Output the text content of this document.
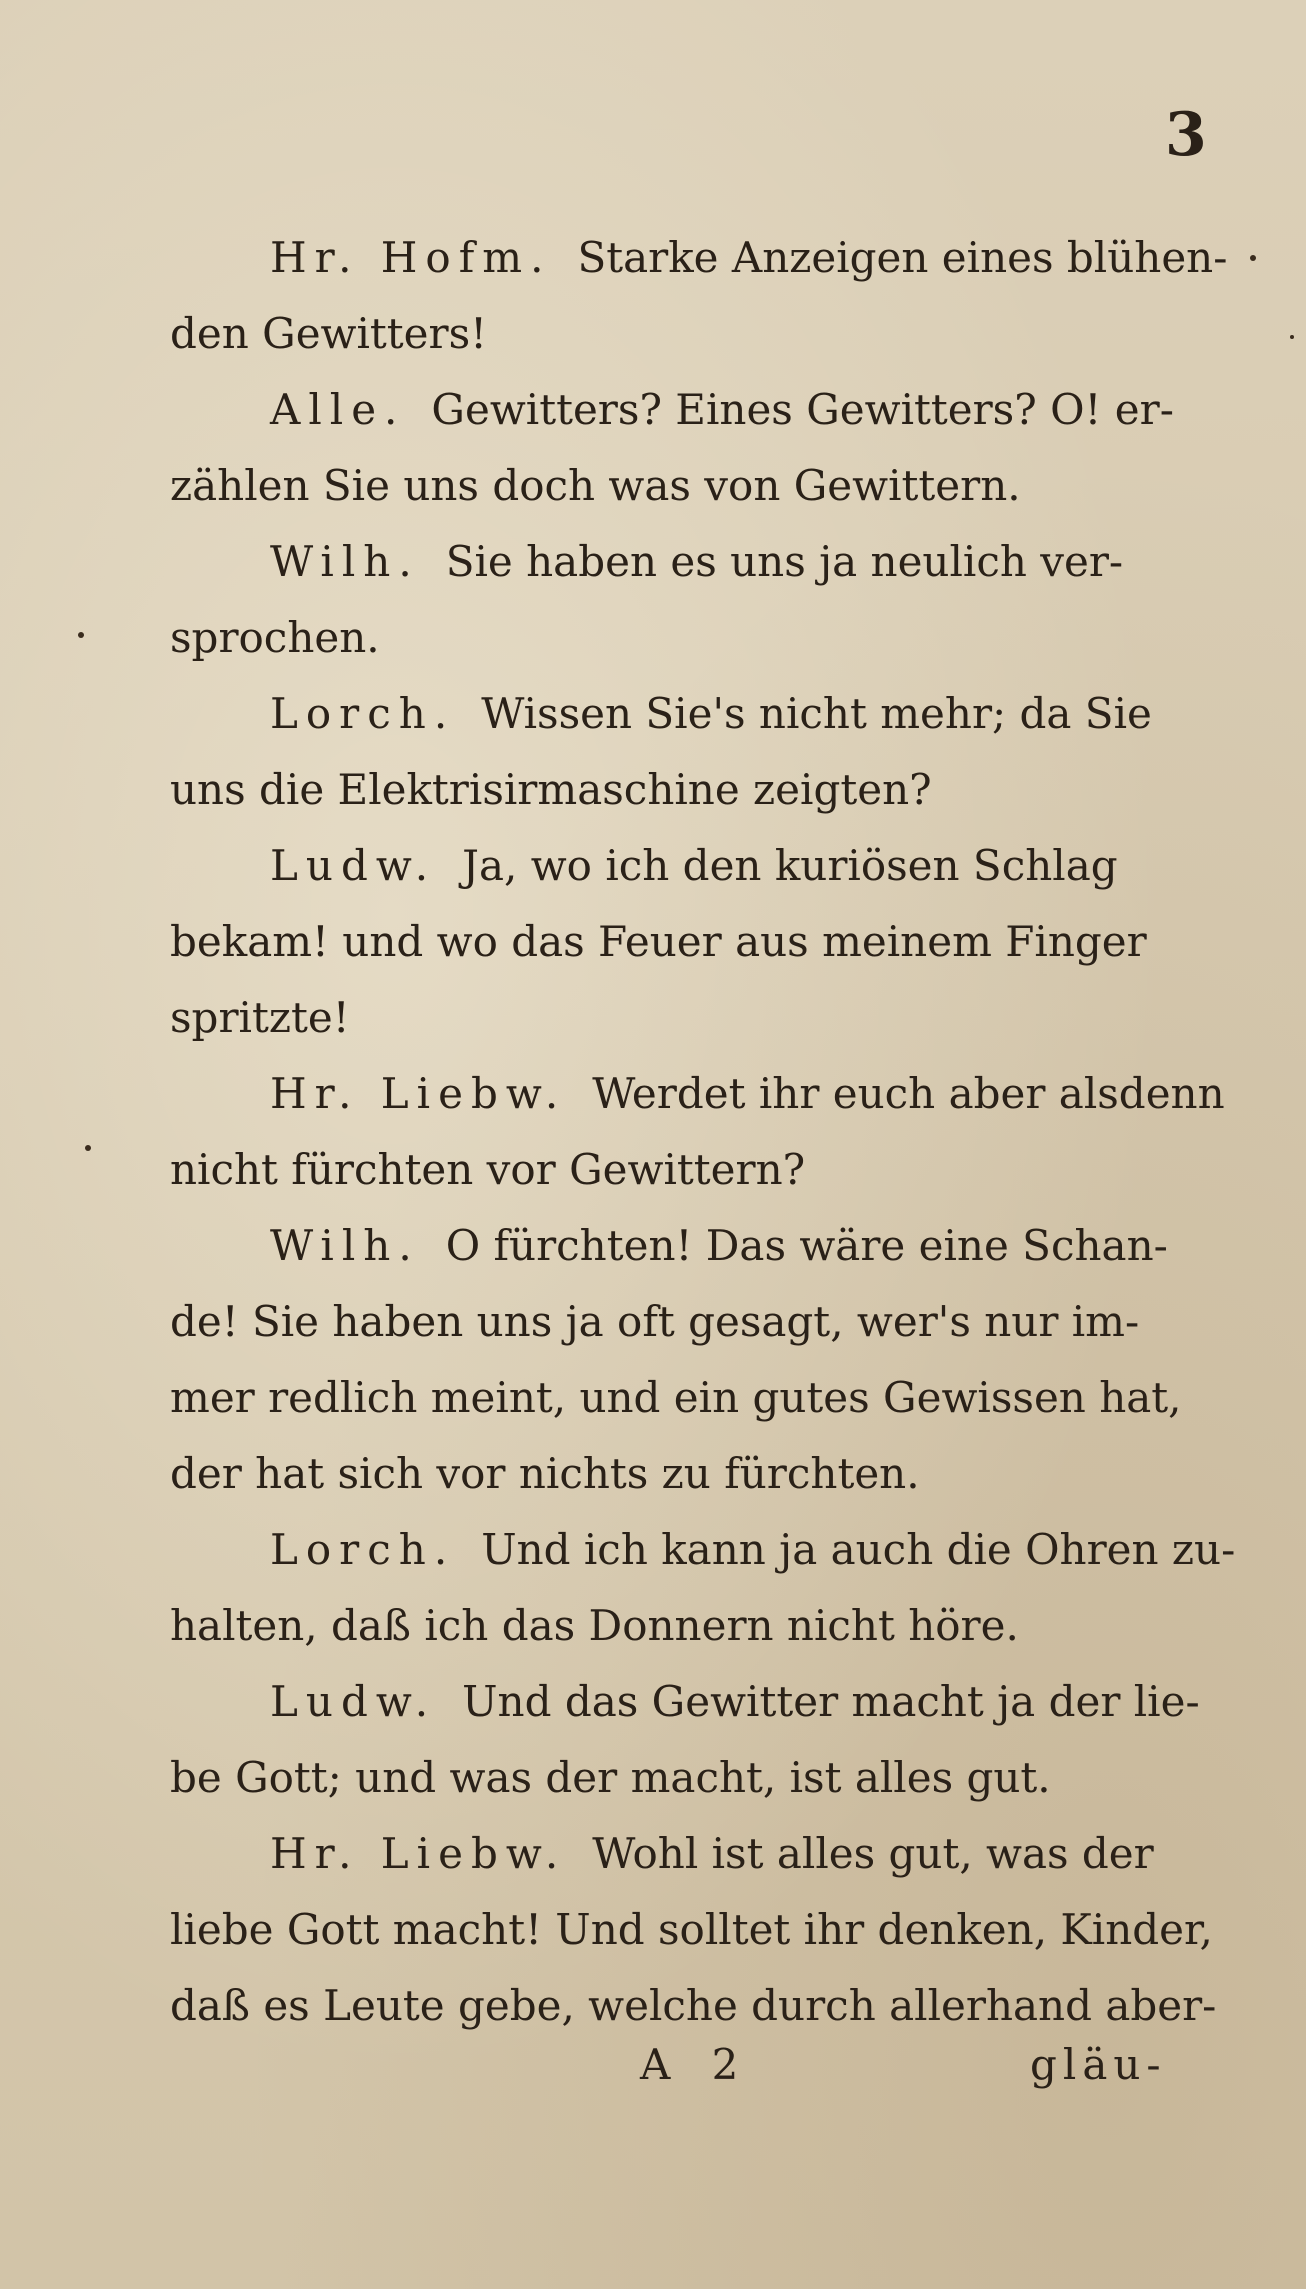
3
Hr. Hofm. Starke Anzeigen eines blühen-
den Gewitters!
Alle. Gewitters? Eines Gewitters? O! er-
zählen Sie uns doch was von Gewittern.
Wilh. Sie haben es uns ja neulich ver-
sprochen.
Lorch. Wissen Sie's nicht mehr; da Sie
uns die Elektrisirmaschine zeigten?
Ludw. Ja, wo ich den kuriösen Schlag
bekam! und wo das Feuer aus meinem Finger
spritzte!
Hr. Liebw. Werdet ihr euch aber alsdenn
nicht fürchten vor Gewittern?
Wilh. O fürchten! Das wäre eine Schan-
de! Sie haben uns ja oft gesagt, wer's nur im-
mer redlich meint, und ein gutes Gewissen hat,
der hat sich vor nichts zu fürchten.
Lorch. Und ich kann ja auch die Ohren zu-
halten, daß ich das Donnern nicht höre.
Ludw. Und das Gewitter macht ja der lie-
be Gott; und was der macht, ist alles gut.
Hr. Liebw. Wohl ist alles gut, was der
liebe Gott macht! Und solltet ihr denken, Kinder,
daß es Leute gebe, welche durch allerhand aber-
A 2	gläu-
